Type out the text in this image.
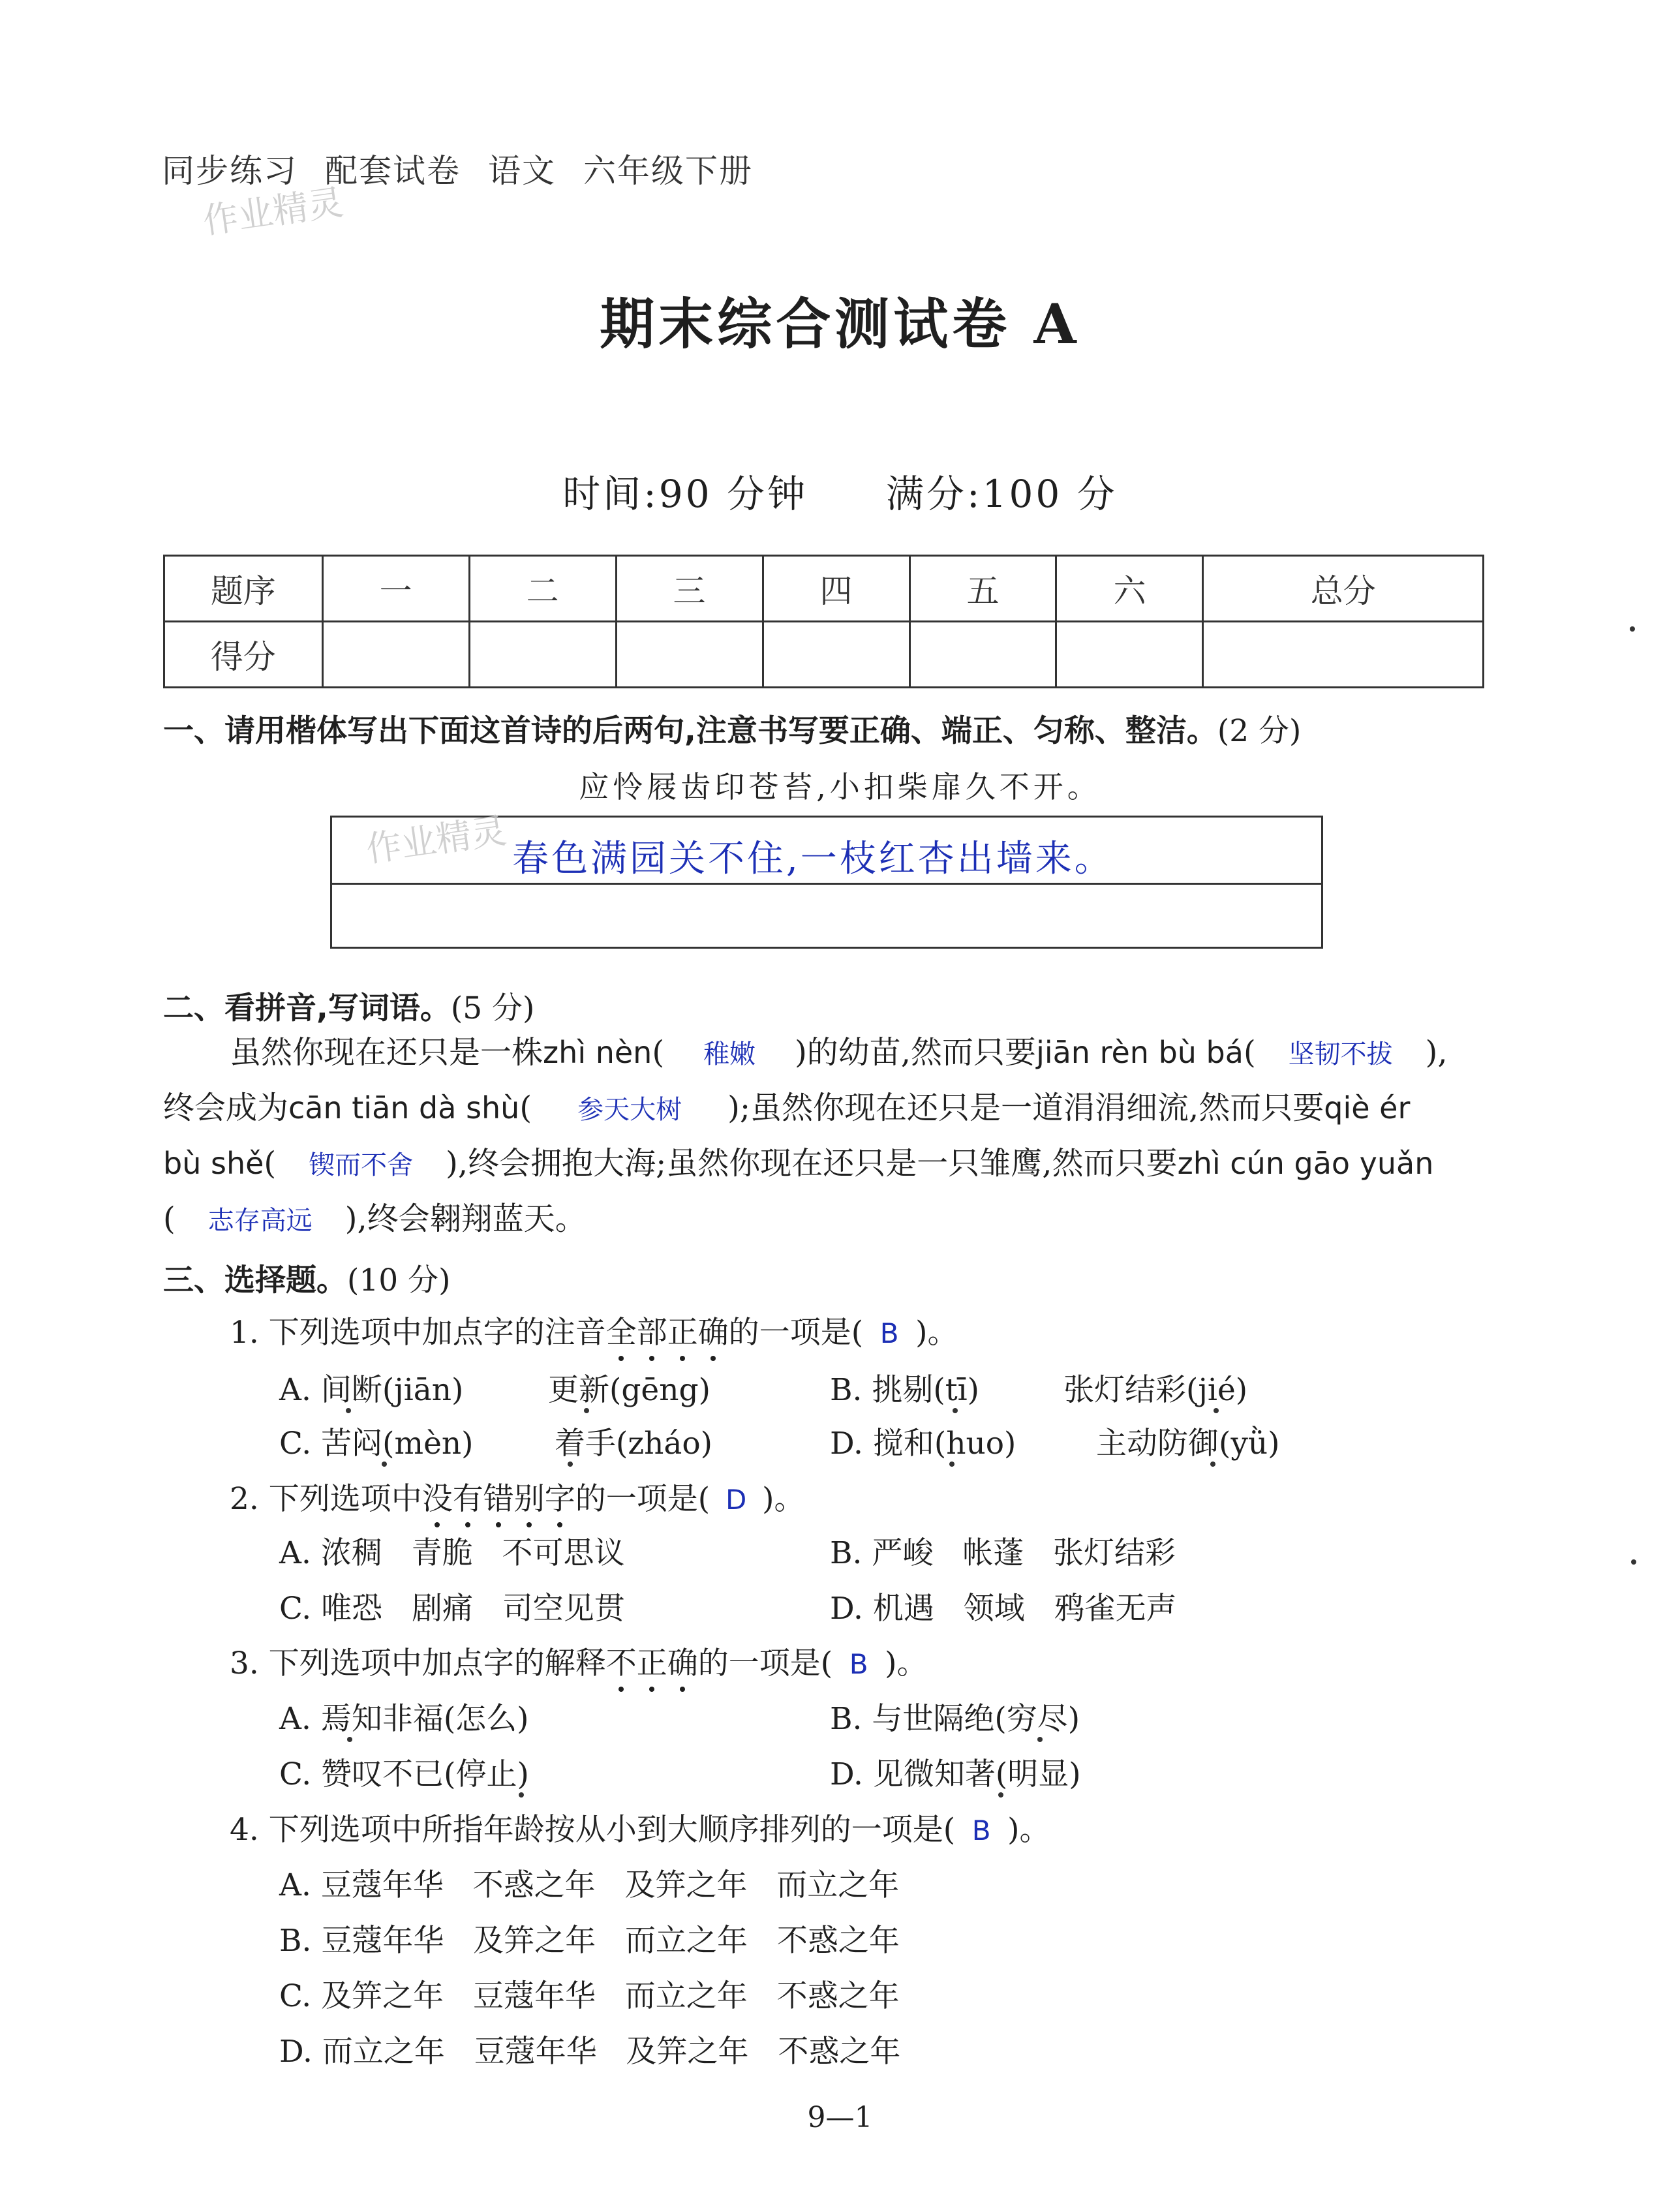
同步练习 配套试卷 语文 六年级下册
作业精灵
期末综合测试卷 A
时间:90 分钟 满分:100 分
题序	一	二	三	四	五	六	总分
得分							
一、请用楷体写出下面这首诗的后两句,注意书写要正确、端正、匀称、整洁。(2 分)
应怜屐齿印苍苔,小扣柴扉久不开。
作业精灵 春色满园关不住,一枝红杏出墙来。
二、看拼音,写词语。(5 分)
虽然你现在还只是一株zhì nèn( 稚嫩 )的幼苗,然而只要jiān rèn bù bá( 坚韧不拔 ),
终会成为cān tiān dà shù( 参天大树 );虽然你现在还只是一道涓涓细流,然而只要qiè ér
bù shě( 锲而不舍 ),终会拥抱大海;虽然你现在还只是一只雏鹰,然而只要zhì cún gāo yuǎn
( 志存高远 ),终会翱翔蓝天。
三、选择题。(10 分)
1. 下列选项中加点字的注音全部正确的一项是( B )。
A. 间断(jiān)	更新(gēng)	B. 挑剔(tī)	张灯结彩(jié)
C. 苦闷(mèn)	着手(zháo)	D. 搅和(huo)	主动防御(yǜ)
2. 下列选项中没有错别字的一项是( D )。
A. 浓稠   青脆   不可思议	B. 严峻   帐蓬   张灯结彩
C. 唯恐   剧痛   司空见贯	D. 机遇   领域   鸦雀无声
3. 下列选项中加点字的解释不正确的一项是( B )。
A. 焉知非福(怎么)	B. 与世隔绝(穷尽)
C. 赞叹不已(停止)	D. 见微知著(明显)
4. 下列选项中所指年龄按从小到大顺序排列的一项是( B )。
A. 豆蔻年华   不惑之年   及笄之年   而立之年
B. 豆蔻年华   及笄之年   而立之年   不惑之年
C. 及笄之年   豆蔻年华   而立之年   不惑之年
D. 而立之年   豆蔻年华   及笄之年   不惑之年
9—1
